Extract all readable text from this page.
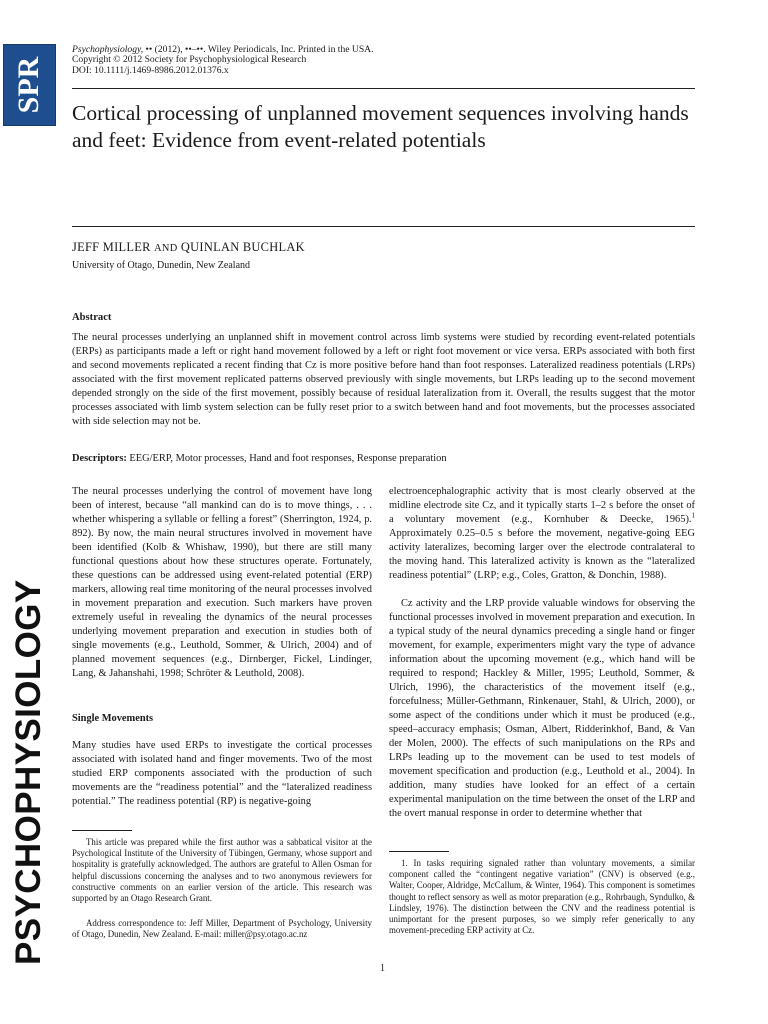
SPR
PSYCHOPHYSIOLOGY
Psychophysiology, •• (2012), ••–••. Wiley Periodicals, Inc. Printed in the USA.
Copyright © 2012 Society for Psychophysiological Research
DOI: 10.1111/j.1469-8986.2012.01376.x
Cortical processing of unplanned movement sequences involving hands and feet: Evidence from event-related potentials
JEFF MILLER AND QUINLAN BUCHLAK
University of Otago, Dunedin, New Zealand
Abstract

The neural processes underlying an unplanned shift in movement control across limb systems were studied by recording event-related potentials (ERPs) as participants made a left or right hand movement followed by a left or right foot movement or vice versa. ERPs associated with both first and second movements replicated a recent finding that Cz is more positive before hand than foot responses. Lateralized readiness potentials (LRPs) associated with the first movement replicated patterns observed previously with single movements, but LRPs leading up to the second movement depended strongly on the side of the first movement, possibly because of residual lateralization from it. Overall, the results suggest that the motor processes associated with limb system selection can be fully reset prior to a switch between hand and foot movements, but the processes associated with side selection may not be.

Descriptors: EEG/ERP, Motor processes, Hand and foot responses, Response preparation

The neural processes underlying the control of movement have long been of interest, because “all mankind can do is to move things, . . . whether whispering a syllable or felling a forest” (Sherrington, 1924, p. 892). By now, the main neural structures involved in movement have been identified (Kolb & Whishaw, 1990), but there are still many functional questions about how these structures operate. Fortunately, these questions can be addressed using event-related potential (ERP) markers, allowing real time monitoring of the neural processes involved in movement preparation and execution. Such markers have proven extremely useful in revealing the dynamics of the neural processes underlying movement preparation and execution in studies both of single movements (e.g., Leuthold, Sommer, & Ulrich, 2004) and of planned movement sequences (e.g., Dirnberger, Fickel, Lindinger, Lang, & Jahanshahi, 1998; Schröter & Leuthold, 2008).

Single Movements

Many studies have used ERPs to investigate the cortical processes associated with isolated hand and finger movements. Two of the most studied ERP components associated with the production of such movements are the “readiness potential” and the “lateralized readiness potential.” The readiness potential (RP) is negative-going

electroencephalographic activity that is most clearly observed at the midline electrode site Cz, and it typically starts 1–2 s before the onset of a voluntary movement (e.g., Kornhuber & Deecke, 1965).$^1$ Approximately 0.25–0.5 s before the movement, negative-going EEG activity lateralizes, becoming larger over the electrode contralateral to the moving hand. This lateralized activity is known as the “lateralized readiness potential” (LRP; e.g., Coles, Gratton, & Donchin, 1988).

Cz activity and the LRP provide valuable windows for observing the functional processes involved in movement preparation and execution. In a typical study of the neural dynamics preceding a single hand or finger movement, for example, experimenters might vary the type of advance information about the upcoming movement (e.g., which hand will be required to respond; Hackley & Miller, 1995; Leuthold, Sommer, & Ulrich, 1996), the characteristics of the movement itself (e.g., forcefulness; Müller-Gethmann, Rinkenauer, Stahl, & Ulrich, 2000), or some aspect of the conditions under which it must be produced (e.g., speed–accuracy emphasis; Osman, Albert, Ridderinkhof, Band, & Van der Molen, 2000). The effects of such manipulations on the RPs and LRPs leading up to the movement can be used to test models of movement specification and production (e.g., Leuthold et al., 2004). In addition, many studies have looked for an effect of a certain experimental manipulation on the time between the onset of the LRP and the overt manual response in order to determine whether that

This article was prepared while the first author was a sabbatical visitor at the Psychological Institute of the University of Tübingen, Germany, whose support and hospitality is gratefully acknowledged. The authors are grateful to Allen Osman for helpful discussions concerning the analyses and to two anonymous reviewers for constructive comments on an earlier version of the article. This research was supported by an Otago Research Grant.

Address correspondence to: Jeff Miller, Department of Psychology, University of Otago, Dunedin, New Zealand. E-mail: miller@psy.otago.ac.nz

1. In tasks requiring signaled rather than voluntary movements, a similar component called the “contingent negative variation” (CNV) is observed (e.g., Walter, Cooper, Aldridge, McCallum, & Winter, 1964). This component is sometimes thought to reflect sensory as well as motor preparation (e.g., Rohrbaugh, Syndulko, & Lindsley, 1976). The distinction between the CNV and the readiness potential is unimportant for the present purposes, so we simply refer generically to any movement-preceding ERP activity at Cz.

1
